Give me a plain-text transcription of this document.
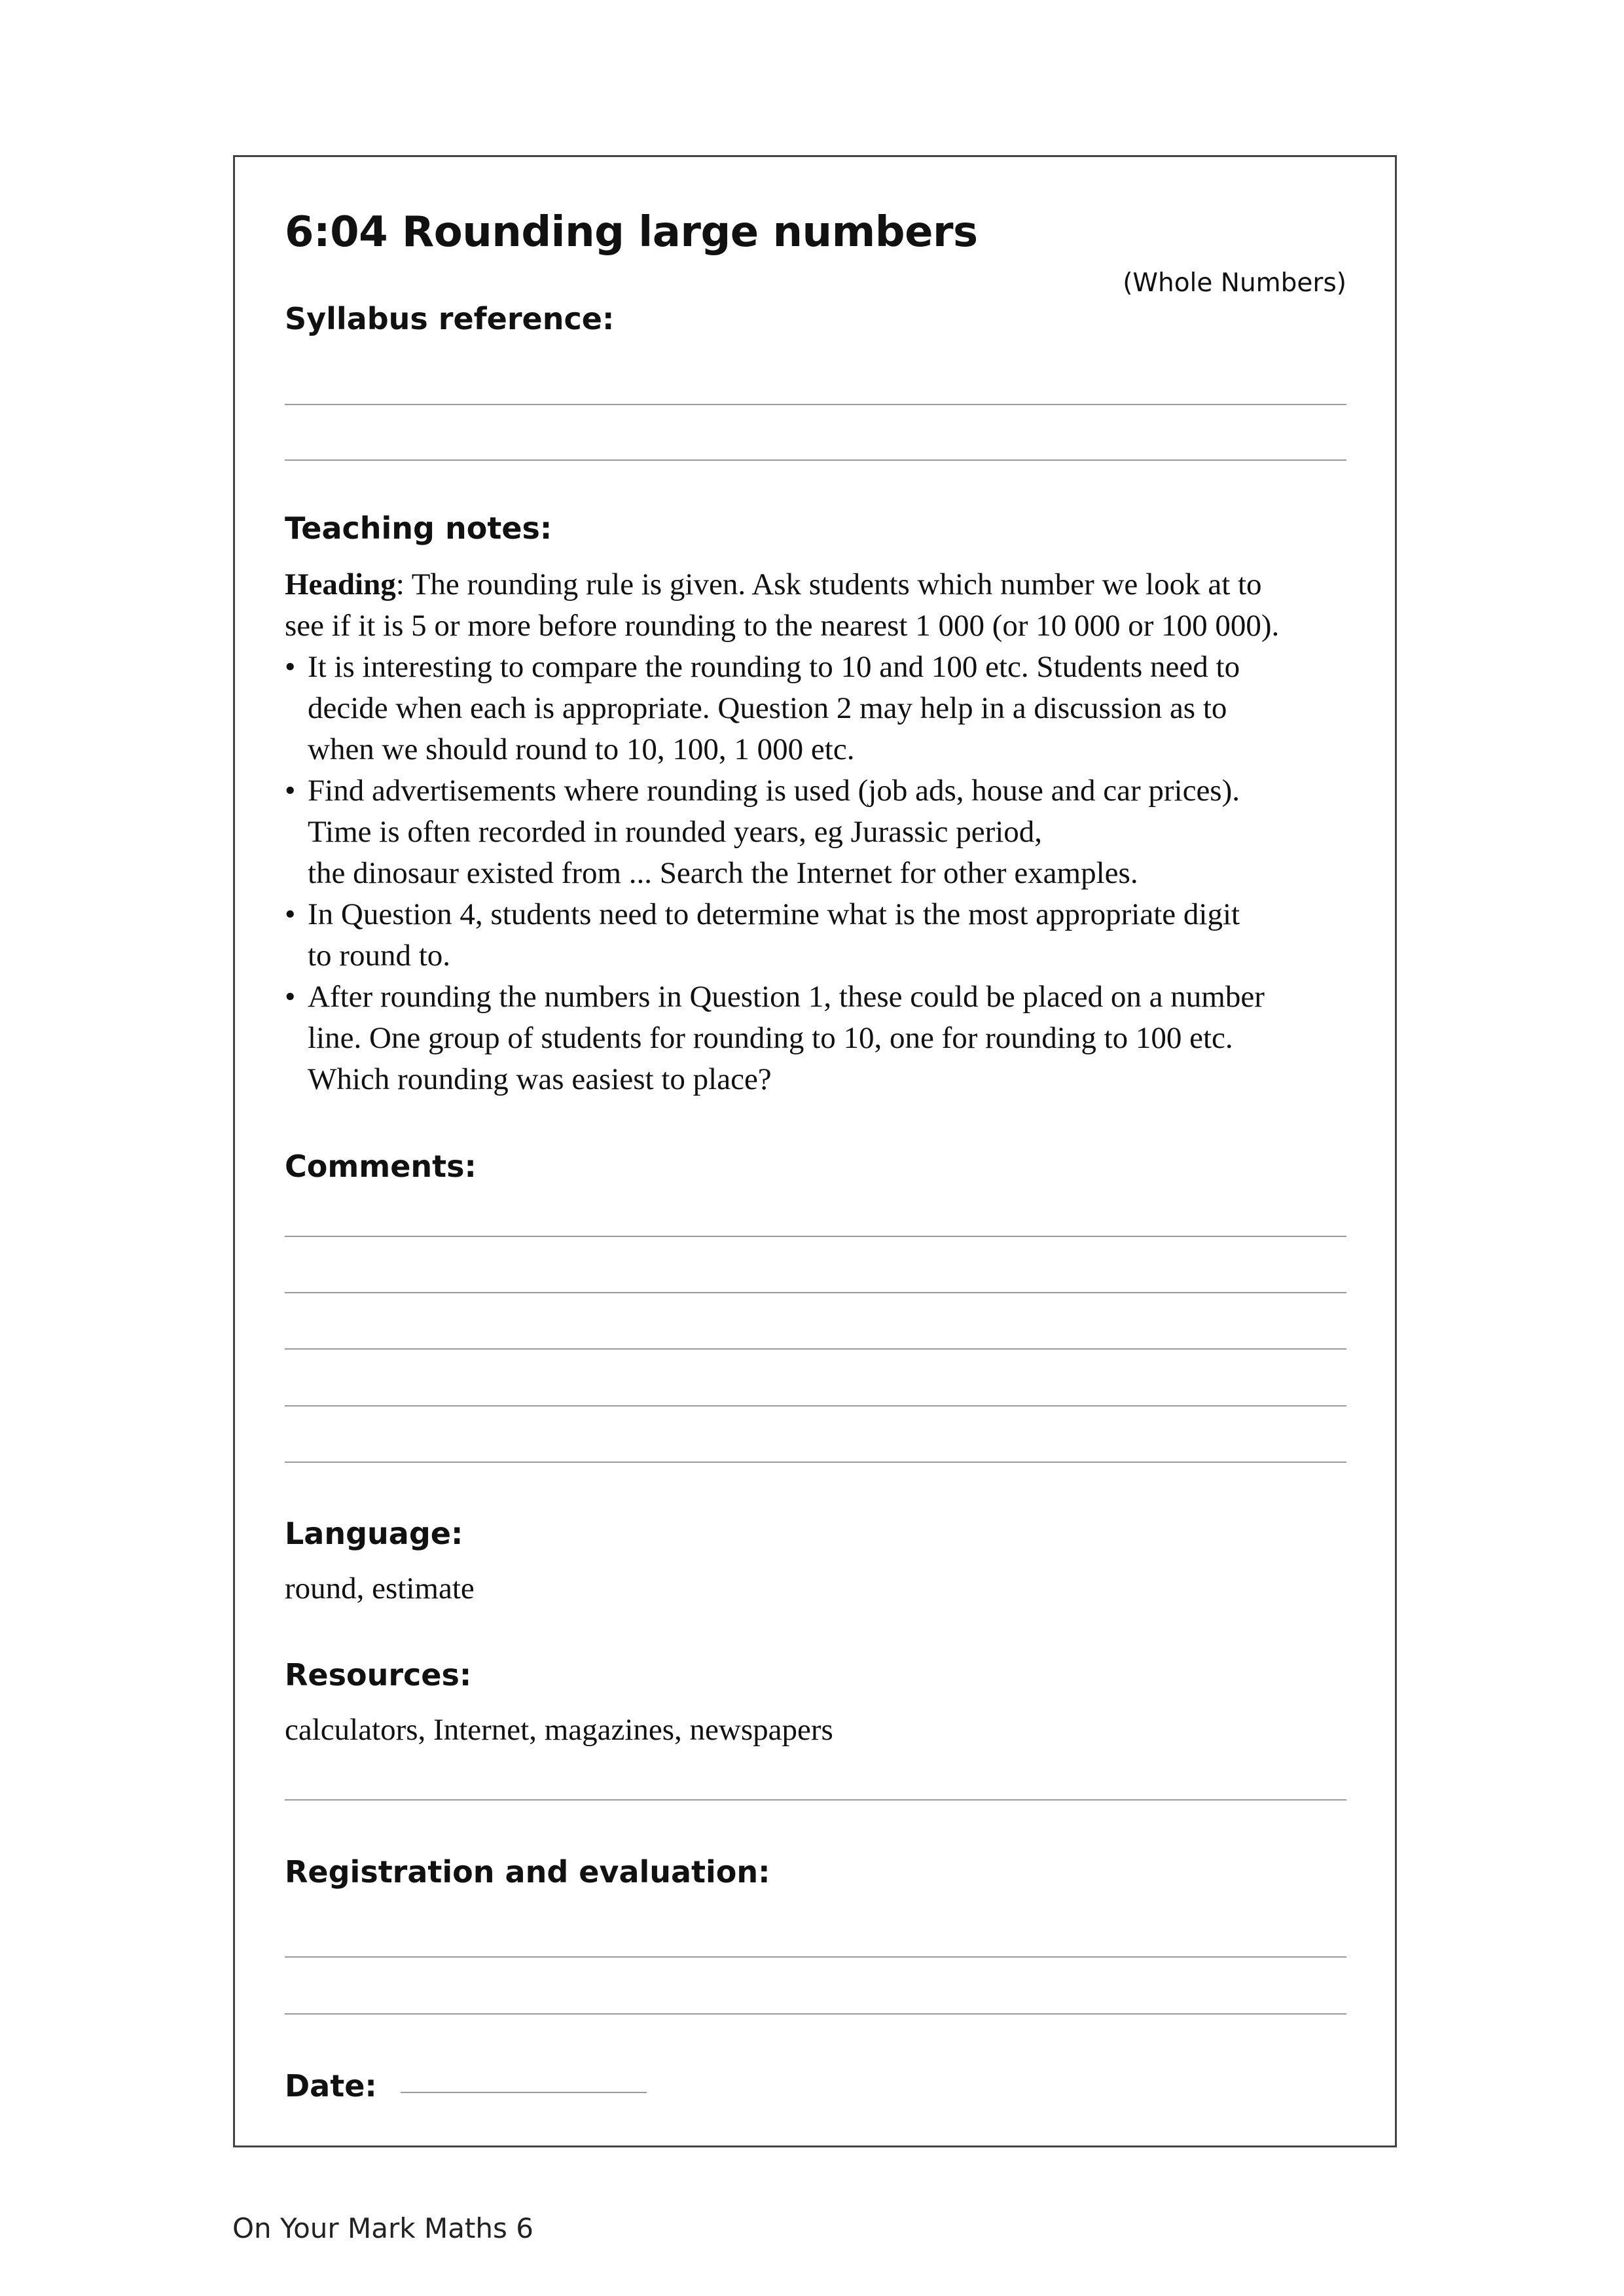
6:04 Rounding large numbers
(Whole Numbers)
Syllabus reference:
Teaching notes:

Heading: The rounding rule is given. Ask students which number we look at to
see if it is 5 or more before rounding to the nearest 1 000 (or 10 000 or 100 000).

• It is interesting to compare the rounding to 10 and 100 etc. Students need to
decide when each is appropriate. Question 2 may help in a discussion as to
when we should round to 10, 100, 1 000 etc.
• Find advertisements where rounding is used (job ads, house and car prices).
Time is often recorded in rounded years, eg Jurassic period,
the dinosaur existed from ... Search the Internet for other examples.
• In Question 4, students need to determine what is the most appropriate digit
to round to.
• After rounding the numbers in Question 1, these could be placed on a number
line. One group of students for rounding to 10, one for rounding to 100 etc.
Which rounding was easiest to place?
Comments:
Language:
round, estimate
Resources:
calculators, Internet, magazines, newspapers
Registration and evaluation:
Date:
On Your Mark Maths 6
